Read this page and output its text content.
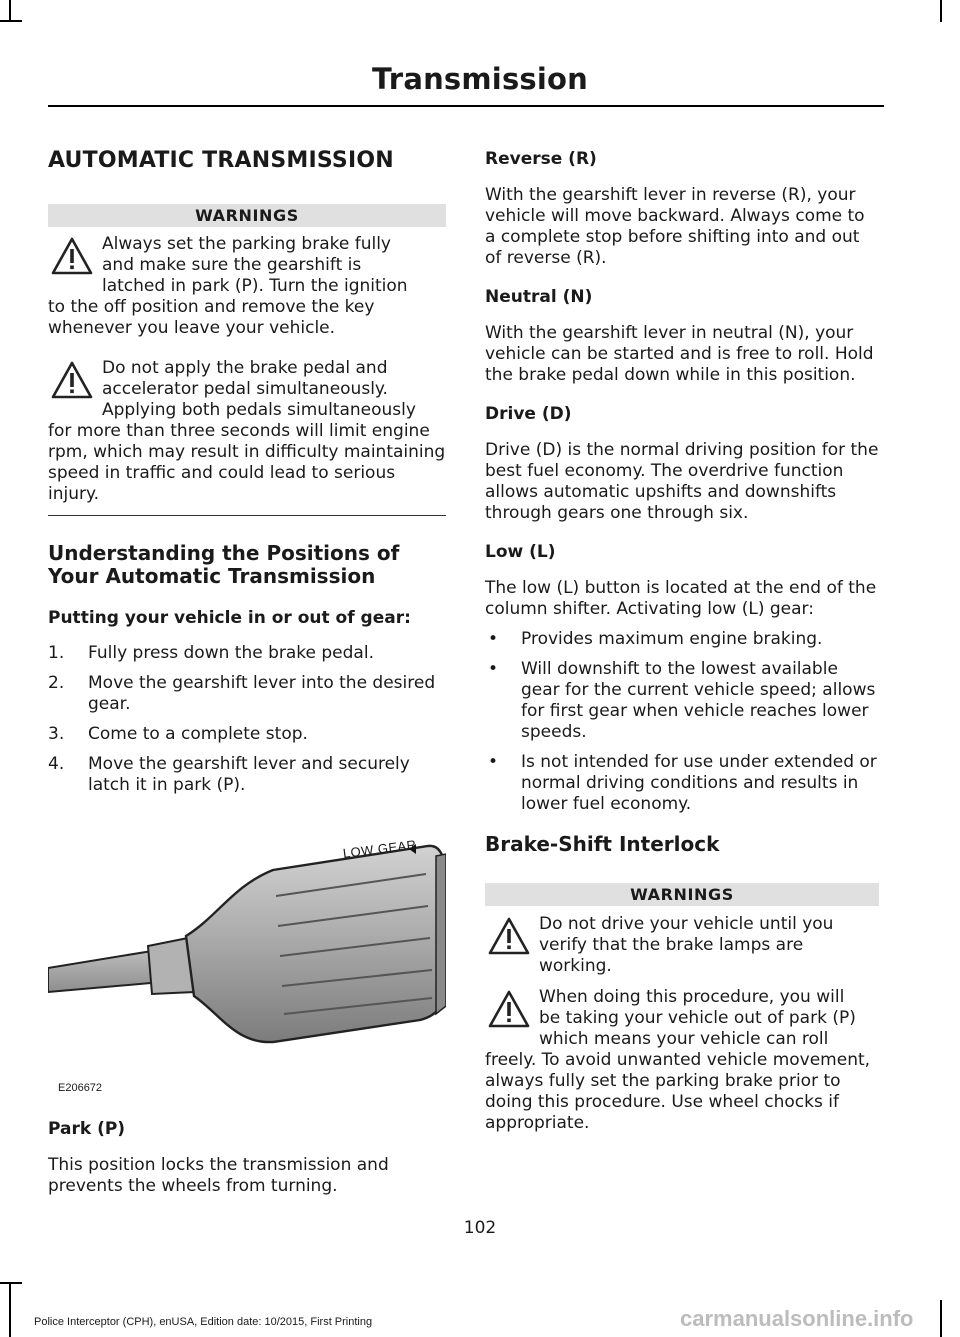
Transmission
AUTOMATIC TRANSMISSION
WARNINGS

Always set the parking brake fully

and make sure the gearshift is

latched in park (P). Turn the ignition

to the off position and remove the key whenever you leave your vehicle.

Do not apply the brake pedal and

accelerator pedal simultaneously.

Applying both pedals simultaneously

for more than three seconds will limit engine rpm, which may result in difficulty maintaining speed in traffic and could lead to serious injury.

Understanding the Positions of Your Automatic Transmission
Putting your vehicle in or out of gear:
1. Fully press down the brake pedal.
2. Move the gearshift lever into the desired gear.
3. Come to a complete stop.
4. Move the gearshift lever and securely latch it in park (P).
LOW GEAR
E206672
Park (P)

This position locks the transmission and prevents the wheels from turning.

Reverse (R)

With the gearshift lever in reverse (R), your vehicle will move backward. Always come to a complete stop before shifting into and out of reverse (R).

Neutral (N)

With the gearshift lever in neutral (N), your vehicle can be started and is free to roll. Hold the brake pedal down while in this position.

Drive (D)

Drive (D) is the normal driving position for the best fuel economy. The overdrive function allows automatic upshifts and downshifts through gears one through six.

Low (L)

The low (L) button is located at the end of the column shifter. Activating low (L) gear:

• Provides maximum engine braking.
• Will downshift to the lowest available gear for the current vehicle speed; allows for first gear when vehicle reaches lower speeds.
• Is not intended for use under extended or normal driving conditions and results in lower fuel economy.
Brake-Shift Interlock
WARNINGS

Do not drive your vehicle until you

verify that the brake lamps are

working.

When doing this procedure, you will

be taking your vehicle out of park (P)

which means your vehicle can roll

freely. To avoid unwanted vehicle movement, always fully set the parking brake prior to doing this procedure. Use wheel chocks if appropriate.

102
Police Interceptor (CPH), enUSA, Edition date: 10/2015, First Printing	carmanualsonline.info
